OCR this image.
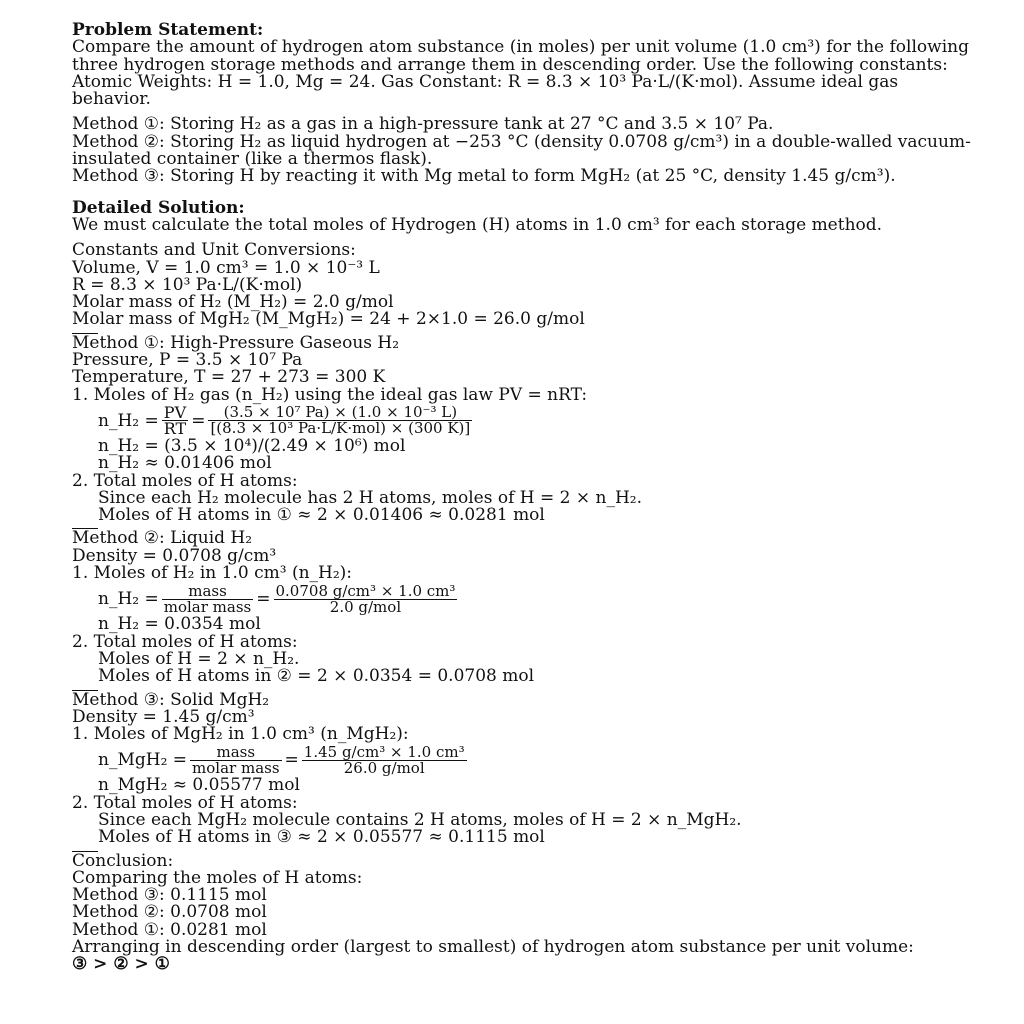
Problem Statement:
Compare the amount of hydrogen atom substance (in moles) per unit volume (1.0 cm³) for the following three hydrogen storage methods and arrange them in descending order. Use the following constants: Atomic Weights: H = 1.0, Mg = 24. Gas Constant: R = 8.3 × 10³ Pa·L/(K·mol). Assume ideal gas behavior.
Method ①: Storing H₂ as a gas in a high-pressure tank at 27 °C and 3.5 × 10⁷ Pa.
Method ②: Storing H₂ as liquid hydrogen at −253 °C (density 0.0708 g/cm³) in a double-walled vacuum-insulated container (like a thermos flask).
Method ③: Storing H by reacting it with Mg metal to form MgH₂ (at 25 °C, density 1.45 g/cm³).
Detailed Solution:
We must calculate the total moles of Hydrogen (H) atoms in 1.0 cm³ for each storage method.
Constants and Unit Conversions:
Volume, V = 1.0 cm³ = 1.0 × 10⁻³ L
R = 8.3 × 10³ Pa·L/(K·mol)
Molar mass of H₂ (M_H₂) = 2.0 g/mol
Molar mass of MgH₂ (M_MgH₂) = 24 + 2×1.0 = 26.0 g/mol
Method ①: High-Pressure Gaseous H₂
Pressure, P = 3.5 × 10⁷ Pa
Temperature, T = 27 + 273 = 300 K
1. Moles of H₂ gas (n_H₂) using the ideal gas law PV = nRT:
n_H₂ = $\frac{PV}{RT} = \frac{\text{(3.5 × 10⁷ Pa) × (1.0 × 10⁻³ L)}}{\text{[(8.3 × 10³ Pa·L/K·mol) × (300 K)]}}$
n_H₂ = (3.5 × 10⁴)/(2.49 × 10⁶) mol
n_H₂ ≈ 0.01406 mol
2. Total moles of H atoms:
Since each H₂ molecule has 2 H atoms, moles of H = 2 × n_H₂.
Moles of H atoms in ① ≈ 2 × 0.01406 ≈ 0.0281 mol
Method ②: Liquid H₂
Density = 0.0708 g/cm³
1. Moles of H₂ in 1.0 cm³ (n_H₂):
n_H₂ = $\frac{\text{mass}}{\text{molar mass}} = \frac{\text{0.0708 g/cm³ × 1.0 cm³}}{\text{2.0 g/mol}}$
n_H₂ = 0.0354 mol
2. Total moles of H atoms:
Moles of H = 2 × n_H₂.
Moles of H atoms in ② = 2 × 0.0354 = 0.0708 mol
Method ③: Solid MgH₂
Density = 1.45 g/cm³
1. Moles of MgH₂ in 1.0 cm³ (n_MgH₂):
n_MgH₂ = $\frac{\text{mass}}{\text{molar mass}} = \frac{\text{1.45 g/cm³ × 1.0 cm³}}{\text{26.0 g/mol}}$
n_MgH₂ ≈ 0.05577 mol
2. Total moles of H atoms:
Since each MgH₂ molecule contains 2 H atoms, moles of H = 2 × n_MgH₂.
Moles of H atoms in ③ ≈ 2 × 0.05577 ≈ 0.1115 mol
Conclusion:
Comparing the moles of H atoms:
Method ③: 0.1115 mol
Method ②: 0.0708 mol
Method ①: 0.0281 mol
Arranging in descending order (largest to smallest) of hydrogen atom substance per unit volume:
③ > ② > ①
